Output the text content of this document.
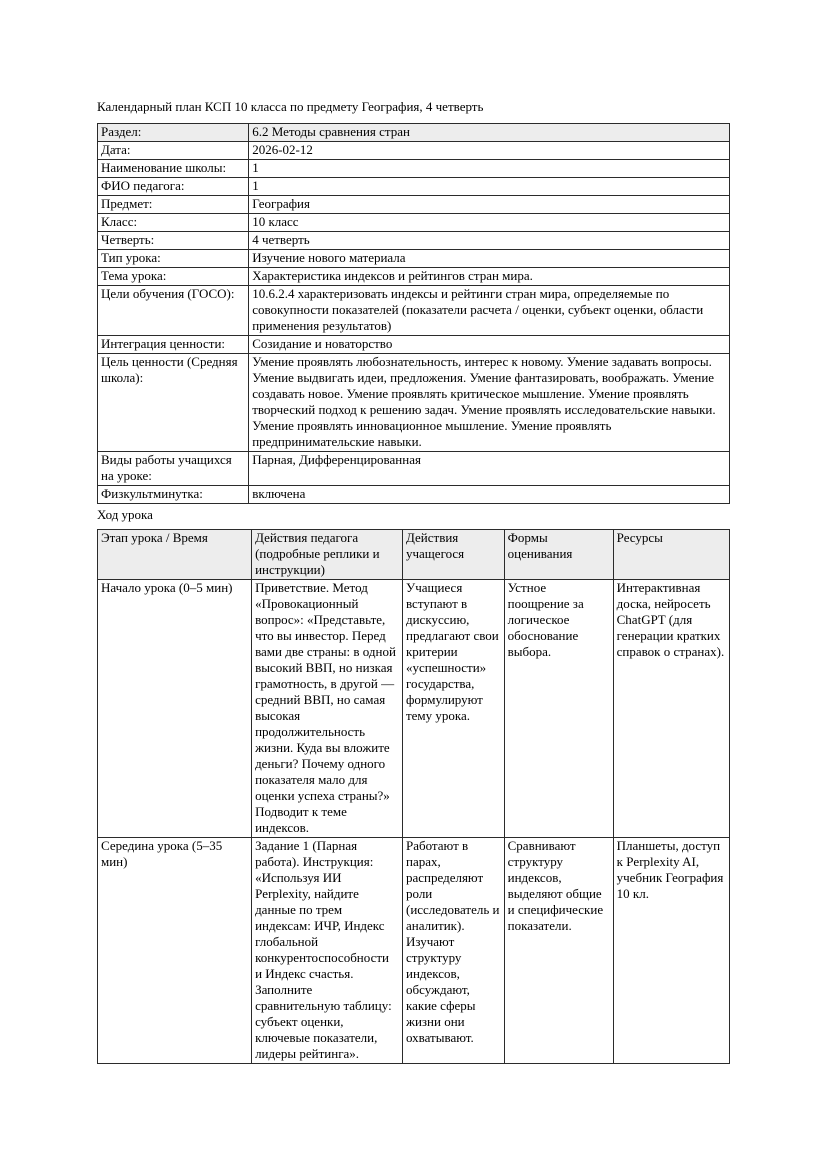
Календарный план КСП 10 класса по предмету География, 4 четверть

Раздел:	6.2 Методы сравнения стран
Дата:	2026-02-12
Наименование школы:	1
ФИО педагога:	1
Предмет:	География
Класс:	10 класс
Четверть:	4 четверть
Тип урока:	Изучение нового материала
Тема урока:	Характеристика индексов и рейтингов стран мира.
Цели обучения (ГОСО):	10.6.2.4 характеризовать индексы и рейтинги стран мира, определяемые по совокупности показателей (показатели расчета / оценки, субъект оценки, области применения результатов)
Интеграция ценности:	Созидание и новаторство
Цель ценности (Средняя школа):	Умение проявлять любознательность, интерес к новому. Умение задавать вопросы. Умение выдвигать идеи, предложения. Умение фантазировать, воображать. Умение создавать новое. Умение проявлять критическое мышление. Умение проявлять творческий подход к решению задач. Умение проявлять исследовательские навыки. Умение проявлять инновационное мышление. Умение проявлять предпринимательские навыки.
Виды работы учащихся на уроке:	Парная, Дифференцированная
Физкультминутка:	включена

Ход урока

Этап урока / Время	Действия педагога (подробные реплики и инструкции)	Действия учащегося	Формы оценивания	Ресурсы
Начало урока (0–5 мин)	Приветствие. Метод «Провокационный вопрос»: «Представьте, что вы инвестор. Перед вами две страны: в одной высокий ВВП, но низкая грамотность, в другой — средний ВВП, но самая высокая продолжительность жизни. Куда вы вложите деньги? Почему одного показателя мало для оценки успеха страны?» Подводит к теме индексов.	Учащиеся вступают в дискуссию, предлагают свои критерии «успешности» государства, формулируют тему урока.	Устное поощрение за логическое обоснование выбора.	Интерактивная доска, нейросеть ChatGPT (для генерации кратких справок о странах).
Середина урока (5–35 мин)	Задание 1 (Парная работа). Инструкция: «Используя ИИ Perplexity, найдите данные по трем индексам: ИЧР, Индекс глобальной конкурентоспособности и Индекс счастья. Заполните сравнительную таблицу: субъект оценки, ключевые показатели, лидеры рейтинга».	Работают в парах, распределяют роли (исследователь и аналитик). Изучают структуру индексов, обсуждают, какие сферы жизни они охватывают.	Сравнивают структуру индексов, выделяют общие и специфические показатели.	Планшеты, доступ к Perplexity AI, учебник География 10 кл.
